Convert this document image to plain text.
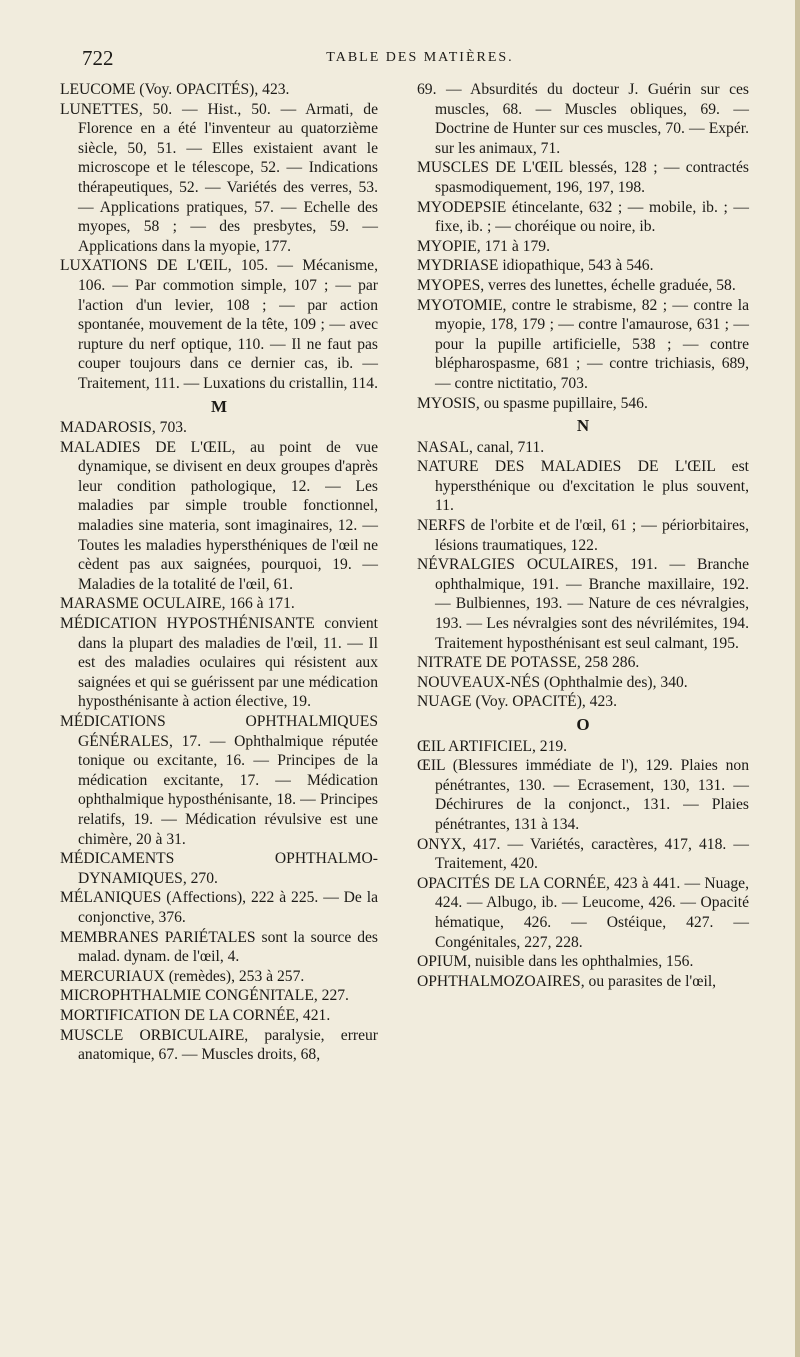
722	TABLE DES MATIÈRES.

LEUCOME (Voy. OPACITÉS), 423.

LUNETTES, 50. — Hist., 50. — Armati, de Florence en a été l'inventeur au quatorzième siècle, 50, 51. — Elles existaient avant le microscope et le télescope, 52. — Indications thérapeutiques, 52. — Variétés des verres, 53. — Applications pratiques, 57. — Echelle des myopes, 58 ; — des presbytes, 59. — Applications dans la myopie, 177.

LUXATIONS DE L'ŒIL, 105. — Mécanisme, 106. — Par commotion simple, 107 ; — par l'action d'un levier, 108 ; — par action spontanée, mouvement de la tête, 109 ; — avec rupture du nerf optique, 110. — Il ne faut pas couper toujours dans ce dernier cas, ib. — Traitement, 111. — Luxations du cristallin, 114.

M

MADAROSIS, 703.

MALADIES DE L'ŒIL, au point de vue dynamique, se divisent en deux groupes d'après leur condition pathologique, 12. — Les maladies par simple trouble fonctionnel, maladies sine materia, sont imaginaires, 12. — Toutes les maladies hypersthéniques de l'œil ne cèdent pas aux saignées, pourquoi, 19. — Maladies de la totalité de l'œil, 61.

MARASME OCULAIRE, 166 à 171.

MÉDICATION HYPOSTHÉNISANTE convient dans la plupart des maladies de l'œil, 11. — Il est des maladies oculaires qui résistent aux saignées et qui se guérissent par une médication hyposthénisante à action élective, 19.

MÉDICATIONS OPHTHALMIQUES GÉNÉRALES, 17. — Ophthalmique réputée tonique ou excitante, 16. — Principes de la médication excitante, 17. — Médication ophthalmique hyposthénisante, 18. — Principes relatifs, 19. — Médication révulsive est une chimère, 20 à 31.

MÉDICAMENTS OPHTHALMO-DYNAMIQUES, 270.

MÉLANIQUES (Affections), 222 à 225. — De la conjonctive, 376.

MEMBRANES PARIÉTALES sont la source des malad. dynam. de l'œil, 4.

MERCURIAUX (remèdes), 253 à 257.

MICROPHTHALMIE CONGÉNITALE, 227.

MORTIFICATION DE LA CORNÉE, 421.

MUSCLE ORBICULAIRE, paralysie, erreur anatomique, 67. — Muscles droits, 68,

69. — Absurdités du docteur J. Guérin sur ces muscles, 68. — Muscles obliques, 69. — Doctrine de Hunter sur ces muscles, 70. — Expér. sur les animaux, 71.

MUSCLES DE L'ŒIL blessés, 128 ; — contractés spasmodiquement, 196, 197, 198.

MYODEPSIE étincelante, 632 ; — mobile, ib. ; — fixe, ib. ; — choréique ou noire, ib.

MYOPIE, 171 à 179.

MYDRIASE idiopathique, 543 à 546.

MYOPES, verres des lunettes, échelle graduée, 58.

MYOTOMIE, contre le strabisme, 82 ; — contre la myopie, 178, 179 ; — contre l'amaurose, 631 ; — pour la pupille artificielle, 538 ; — contre blépharospasme, 681 ; — contre trichiasis, 689, — contre nictitatio, 703.

MYOSIS, ou spasme pupillaire, 546.

N

NASAL, canal, 711.

NATURE DES MALADIES DE L'ŒIL est hypersthénique ou d'excitation le plus souvent, 11.

NERFS de l'orbite et de l'œil, 61 ; — périorbitaires, lésions traumatiques, 122.

NÉVRALGIES OCULAIRES, 191. — Branche ophthalmique, 191. — Branche maxillaire, 192. — Bulbiennes, 193. — Nature de ces névralgies, 193. — Les névralgies sont des névrilémites, 194. Traitement hyposthénisant est seul calmant, 195.

NITRATE DE POTASSE, 258 286.

NOUVEAUX-NÉS (Ophthalmie des), 340.

NUAGE (Voy. OPACITÉ), 423.

O

ŒIL ARTIFICIEL, 219.

ŒIL (Blessures immédiate de l'), 129. Plaies non pénétrantes, 130. — Ecrasement, 130, 131. — Déchirures de la conjonct., 131. — Plaies pénétrantes, 131 à 134.

ONYX, 417. — Variétés, caractères, 417, 418. — Traitement, 420.

OPACITÉS DE LA CORNÉE, 423 à 441. — Nuage, 424. — Albugo, ib. — Leucome, 426. — Opacité hématique, 426. — Ostéique, 427. — Congénitales, 227, 228.

OPIUM, nuisible dans les ophthalmies, 156.

OPHTHALMOZOAIRES, ou parasites de l'œil,
